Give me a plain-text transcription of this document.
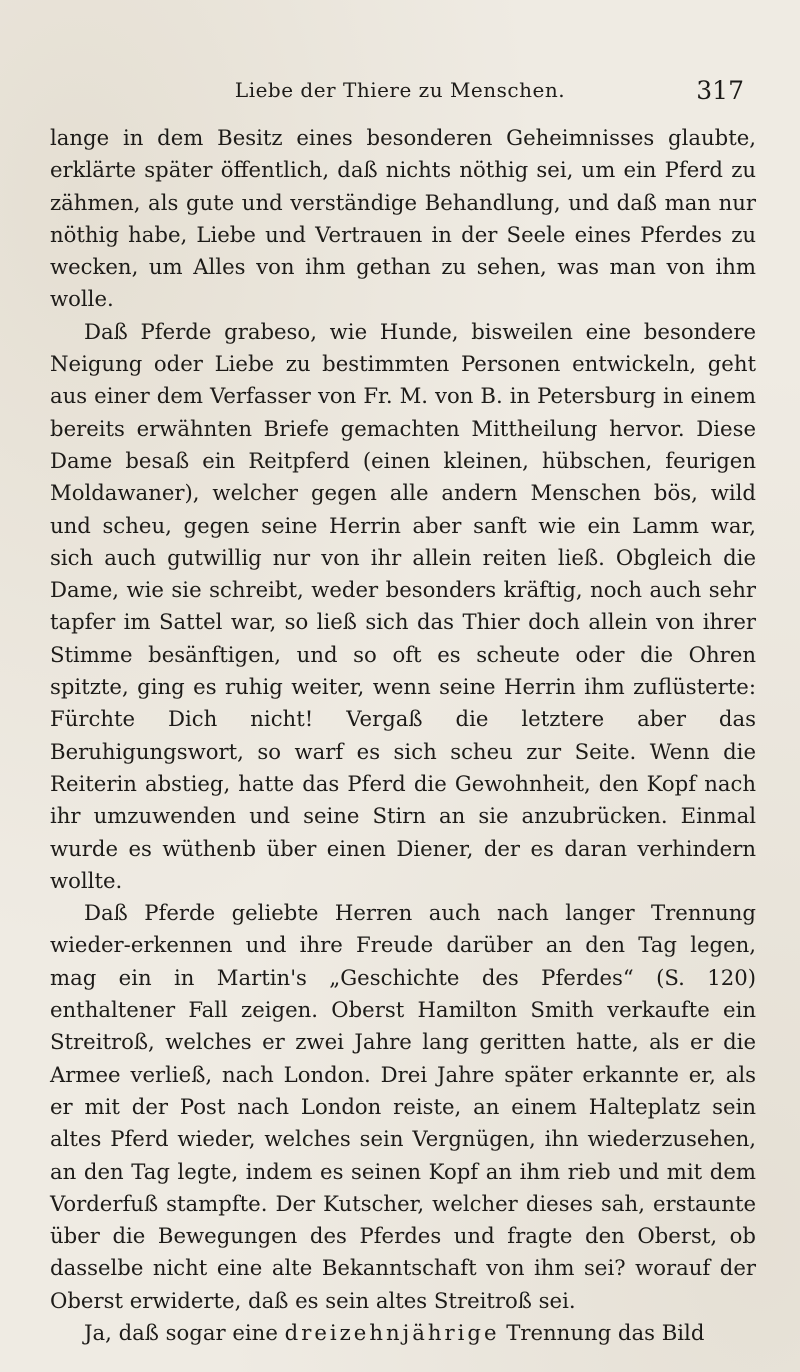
Liebe der Thiere zu Menschen.	317

lange in dem Besitz eines besonderen Geheimnisses glaubte, erklärte später öffentlich, daß nichts nöthig sei, um ein Pferd zu zähmen, als gute und verständige Behandlung, und daß man nur nöthig habe, Liebe und Vertrauen in der Seele eines Pferdes zu wecken, um Alles von ihm gethan zu sehen, was man von ihm wolle.

Daß Pferde grabeso, wie Hunde, bisweilen eine besondere Neigung oder Liebe zu bestimmten Personen entwickeln, geht aus einer dem Verfasser von Fr. M. von B. in Petersburg in einem bereits erwähnten Briefe gemachten Mittheilung hervor. Diese Dame besaß ein Reitpferd (einen kleinen, hübschen, feurigen Moldawaner), welcher gegen alle andern Menschen bös, wild und scheu, gegen seine Herrin aber sanft wie ein Lamm war, sich auch gutwillig nur von ihr allein reiten ließ. Obgleich die Dame, wie sie schreibt, weder besonders kräftig, noch auch sehr tapfer im Sattel war, so ließ sich das Thier doch allein von ihrer Stimme besänftigen, und so oft es scheute oder die Ohren spitzte, ging es ruhig weiter, wenn seine Herrin ihm zuflüsterte: Fürchte Dich nicht! Vergaß die letztere aber das Beruhigungswort, so warf es sich scheu zur Seite. Wenn die Reiterin abstieg, hatte das Pferd die Gewohnheit, den Kopf nach ihr umzuwenden und seine Stirn an sie anzubrücken. Einmal wurde es wüthenb über einen Diener, der es daran verhindern wollte.

Daß Pferde geliebte Herren auch nach langer Trennung wieder-erkennen und ihre Freude darüber an den Tag legen, mag ein in Martin's „Geschichte des Pferdes“ (S. 120) enthaltener Fall zeigen. Oberst Hamilton Smith verkaufte ein Streitroß, welches er zwei Jahre lang geritten hatte, als er die Armee verließ, nach London. Drei Jahre später erkannte er, als er mit der Post nach London reiste, an einem Halteplatz sein altes Pferd wieder, welches sein Vergnügen, ihn wiederzusehen, an den Tag legte, indem es seinen Kopf an ihm rieb und mit dem Vorderfuß stampfte. Der Kutscher, welcher dieses sah, erstaunte über die Bewegungen des Pferdes und fragte den Oberst, ob dasselbe nicht eine alte Bekanntschaft von ihm sei? worauf der Oberst erwiderte, daß es sein altes Streitroß sei.

Ja, daß sogar eine dreizehnjährige Trennung das Bild
